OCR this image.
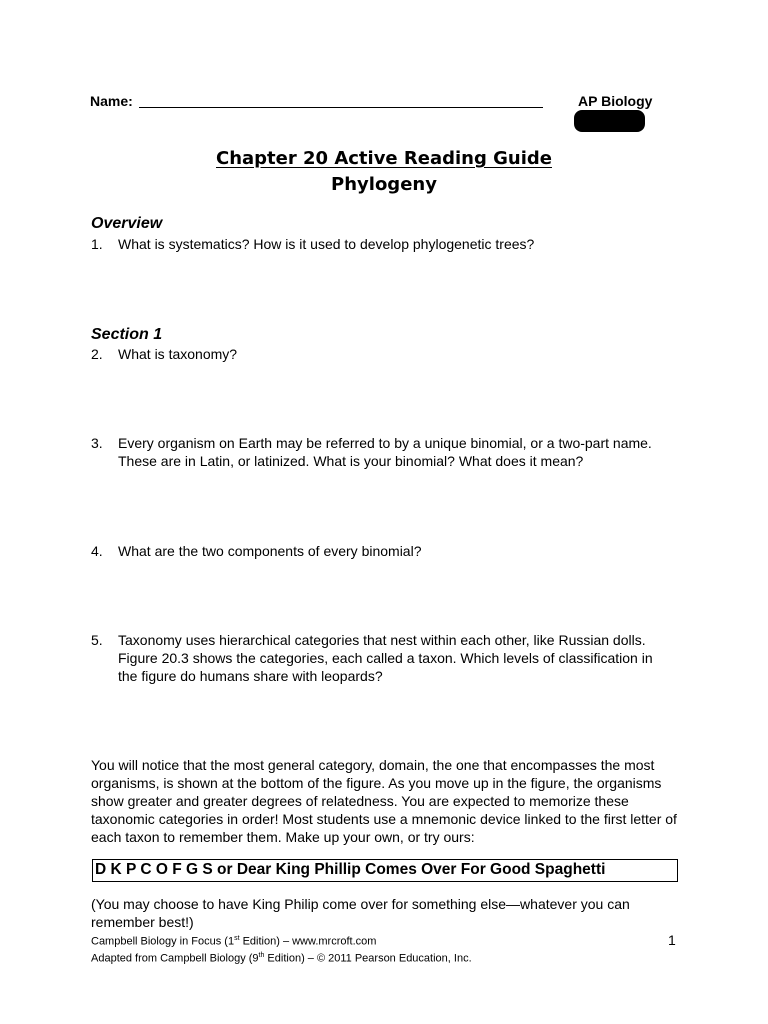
Name:	AP Biology
Chapter 20 Active Reading Guide
Phylogeny
Overview
1. What is systematics? How is it used to develop phylogenetic trees?
Section 1
2. What is taxonomy?
3. Every organism on Earth may be referred to by a unique binomial, or a two-part name. These are in Latin, or latinized. What is your binomial? What does it mean?
4. What are the two components of every binomial?
5. Taxonomy uses hierarchical categories that nest within each other, like Russian dolls. Figure 20.3 shows the categories, each called a taxon. Which levels of classification in the figure do humans share with leopards?
You will notice that the most general category, domain, the one that encompasses the most organisms, is shown at the bottom of the figure. As you move up in the figure, the organisms show greater and greater degrees of relatedness. You are expected to memorize these taxonomic categories in order! Most students use a mnemonic device linked to the first letter of each taxon to remember them. Make up your own, or try ours:
D K P C O F G S or Dear King Phillip Comes Over For Good Spaghetti
(You may choose to have King Philip come over for something else—whatever you can remember best!)
Campbell Biology in Focus (1st Edition) – www.mrcroft.com
Adapted from Campbell Biology (9th Edition) – © 2011 Pearson Education, Inc.
1
